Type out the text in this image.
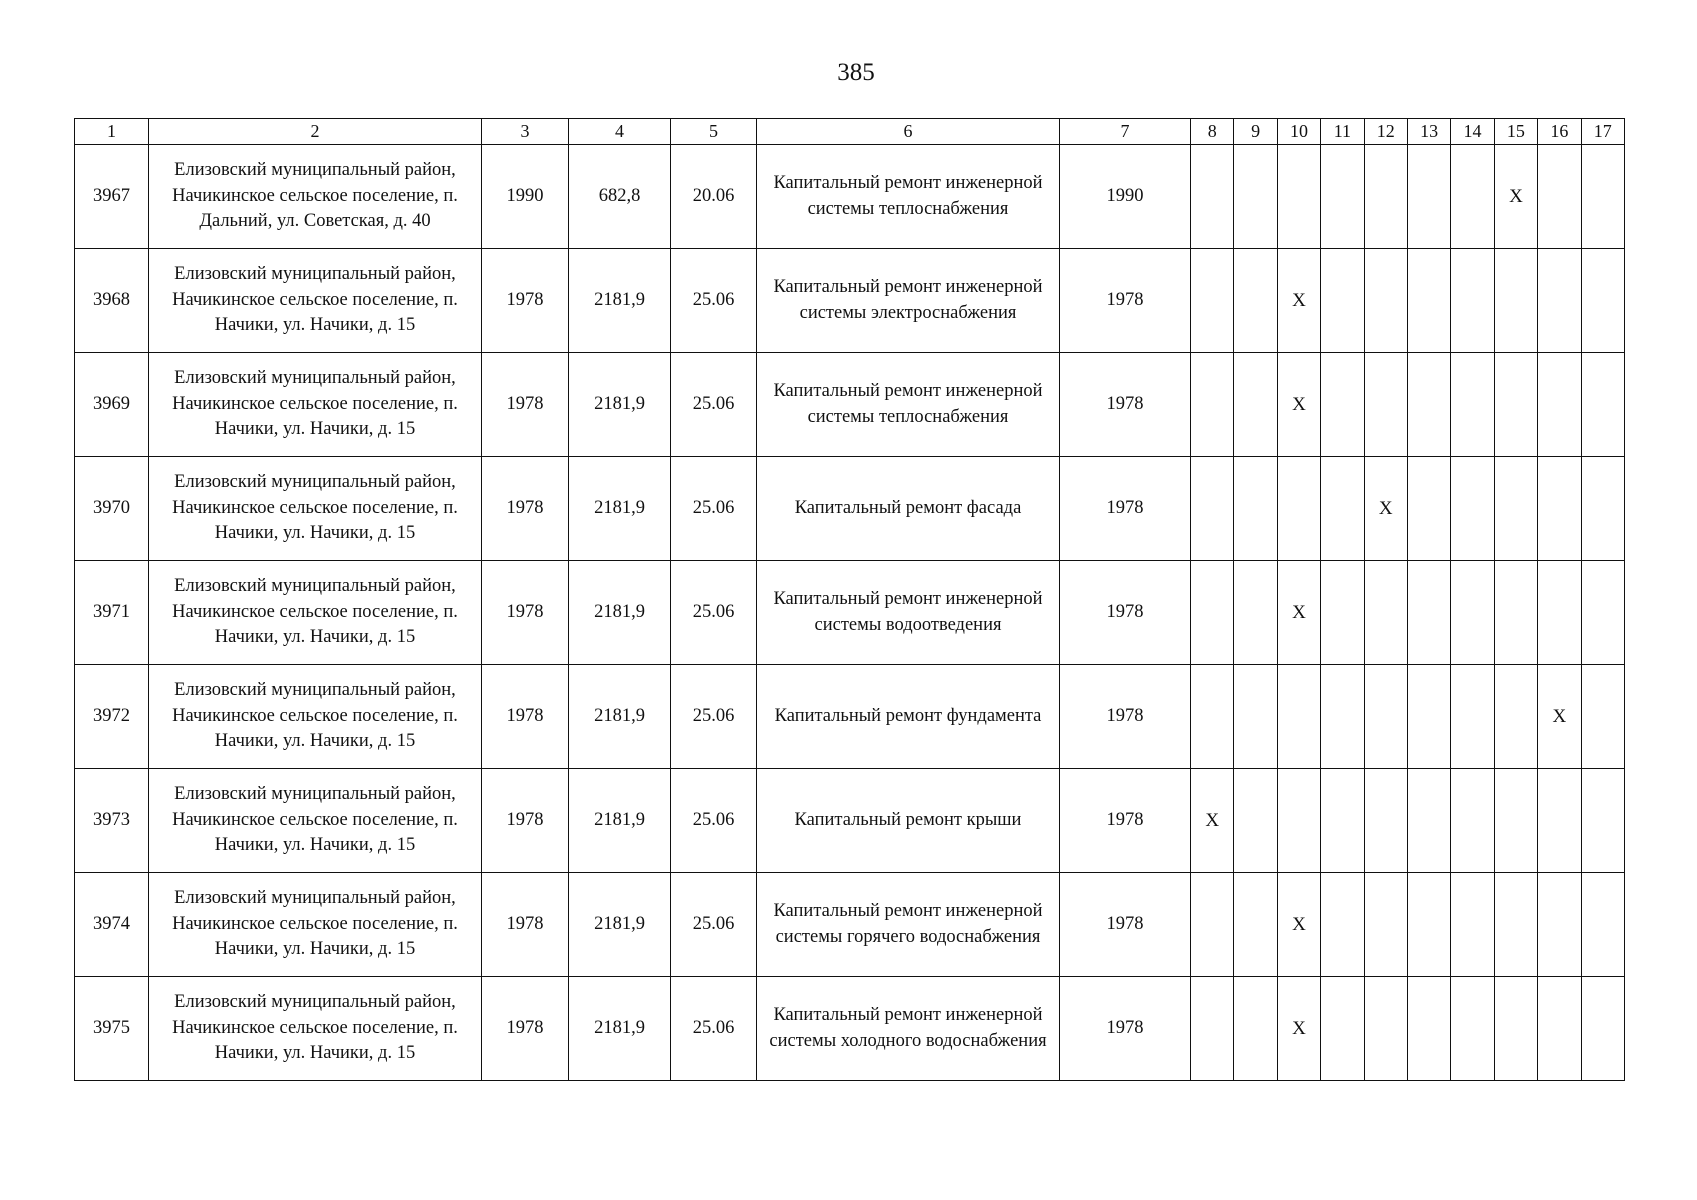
385
1	2	3	4	5	6	7	8	9	10	11	12	13	14	15	16	17
3967	Елизовский муниципальный район, Начикинское сельское поселение, п. Дальний, ул. Советская, д. 40	1990	682,8	20.06	Капитальный ремонт инженерной системы теплоснабжения	1990								X		
3968	Елизовский муниципальный район, Начикинское сельское поселение, п. Начики, ул. Начики, д. 15	1978	2181,9	25.06	Капитальный ремонт инженерной системы электроснабжения	1978			X							
3969	Елизовский муниципальный район, Начикинское сельское поселение, п. Начики, ул. Начики, д. 15	1978	2181,9	25.06	Капитальный ремонт инженерной системы теплоснабжения	1978			X							
3970	Елизовский муниципальный район, Начикинское сельское поселение, п. Начики, ул. Начики, д. 15	1978	2181,9	25.06	Капитальный ремонт фасада	1978					X					
3971	Елизовский муниципальный район, Начикинское сельское поселение, п. Начики, ул. Начики, д. 15	1978	2181,9	25.06	Капитальный ремонт инженерной системы водоотведения	1978			X							
3972	Елизовский муниципальный район, Начикинское сельское поселение, п. Начики, ул. Начики, д. 15	1978	2181,9	25.06	Капитальный ремонт фундамента	1978									X	
3973	Елизовский муниципальный район, Начикинское сельское поселение, п. Начики, ул. Начики, д. 15	1978	2181,9	25.06	Капитальный ремонт крыши	1978	X									
3974	Елизовский муниципальный район, Начикинское сельское поселение, п. Начики, ул. Начики, д. 15	1978	2181,9	25.06	Капитальный ремонт инженерной системы горячего водоснабжения	1978			X							
3975	Елизовский муниципальный район, Начикинское сельское поселение, п. Начики, ул. Начики, д. 15	1978	2181,9	25.06	Капитальный ремонт инженерной системы холодного водоснабжения	1978			X							
